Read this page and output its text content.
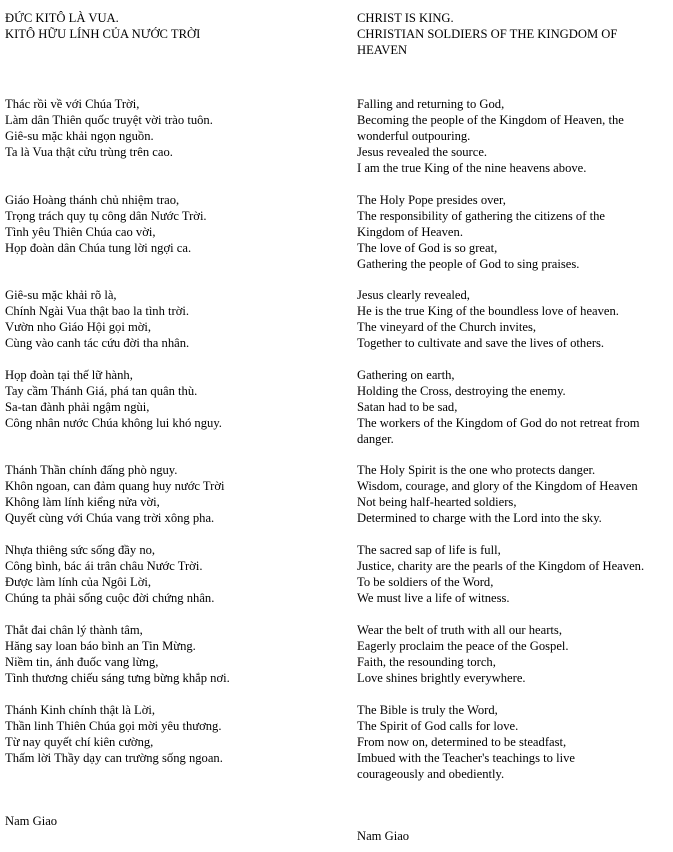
ĐỨC KITÔ LÀ VUA.
KITÔ HỮU LÍNH CỦA NƯỚC TRỜI
Thác rồi về với Chúa Trời,
Làm dân Thiên quốc truyệt vời trào tuôn.
Giê-su mặc khải ngọn nguồn.
Ta là Vua thật cửu trùng trên cao.
Giáo Hoàng thánh chủ nhiệm trao,
Trọng trách quy tụ công dân Nước Trời.
Tình yêu Thiên Chúa cao vời,
Họp đoàn dân Chúa tung lời ngợi ca.
Giê-su mặc khải rõ là,
Chính Ngài Vua thật bao la tình trời.
Vườn nho Giáo Hội gọi mời,
Cùng vào canh tác cứu đời tha nhân.
Họp đoàn tại thế lữ hành,
Tay cầm Thánh Giá, phá tan quân thù.
Sa-tan đành phải ngậm ngùi,
Công nhân nước Chúa không lui khó nguy.
Thánh Thần chính đấng phò nguy.
Khôn ngoan, can đảm quang huy nước Trời
Không làm lính kiểng nửa vời,
Quyết cùng với Chúa vang trời xông pha.
Nhựa thiêng sức sống đầy no,
Công bình, bác ái trân châu Nước Trời.
Được làm lính của Ngôi Lời,
Chúng ta phải sống cuộc đời chứng nhân.
Thắt đai chân lý thành tâm,
Hăng say loan báo bình an Tin Mừng.
Niềm tin, ánh đuốc vang lừng,
Tình thương chiếu sáng tưng bừng khắp nơi.
Thánh Kinh chính thật là Lời,
Thần linh Thiên Chúa gọi mời yêu thương.
Từ nay quyết chí kiên cường,
Thấm lời Thầy dạy can trường sống ngoan.

Nam Giao

CHRIST IS KING.
CHRISTIAN SOLDIERS OF THE KINGDOM OF
HEAVEN
Falling and returning to God,
Becoming the people of the Kingdom of Heaven, the
wonderful outpouring.
Jesus revealed the source.
I am the true King of the nine heavens above.
The Holy Pope presides over,
The responsibility of gathering the citizens of the
Kingdom of Heaven.
The love of God is so great,
Gathering the people of God to sing praises.
Jesus clearly revealed,
He is the true King of the boundless love of heaven.
The vineyard of the Church invites,
Together to cultivate and save the lives of others.
Gathering on earth,
Holding the Cross, destroying the enemy.
Satan had to be sad,
The workers of the Kingdom of God do not retreat from
danger.
The Holy Spirit is the one who protects danger.
Wisdom, courage, and glory of the Kingdom of Heaven
Not being half-hearted soldiers,
Determined to charge with the Lord into the sky.
The sacred sap of life is full,
Justice, charity are the pearls of the Kingdom of Heaven.
To be soldiers of the Word,
We must live a life of witness.
Wear the belt of truth with all our hearts,
Eagerly proclaim the peace of the Gospel.
Faith, the resounding torch,
Love shines brightly everywhere.
The Bible is truly the Word,
The Spirit of God calls for love.
From now on, determined to be steadfast,
Imbued with the Teacher's teachings to live
courageously and obediently.

Nam Giao
